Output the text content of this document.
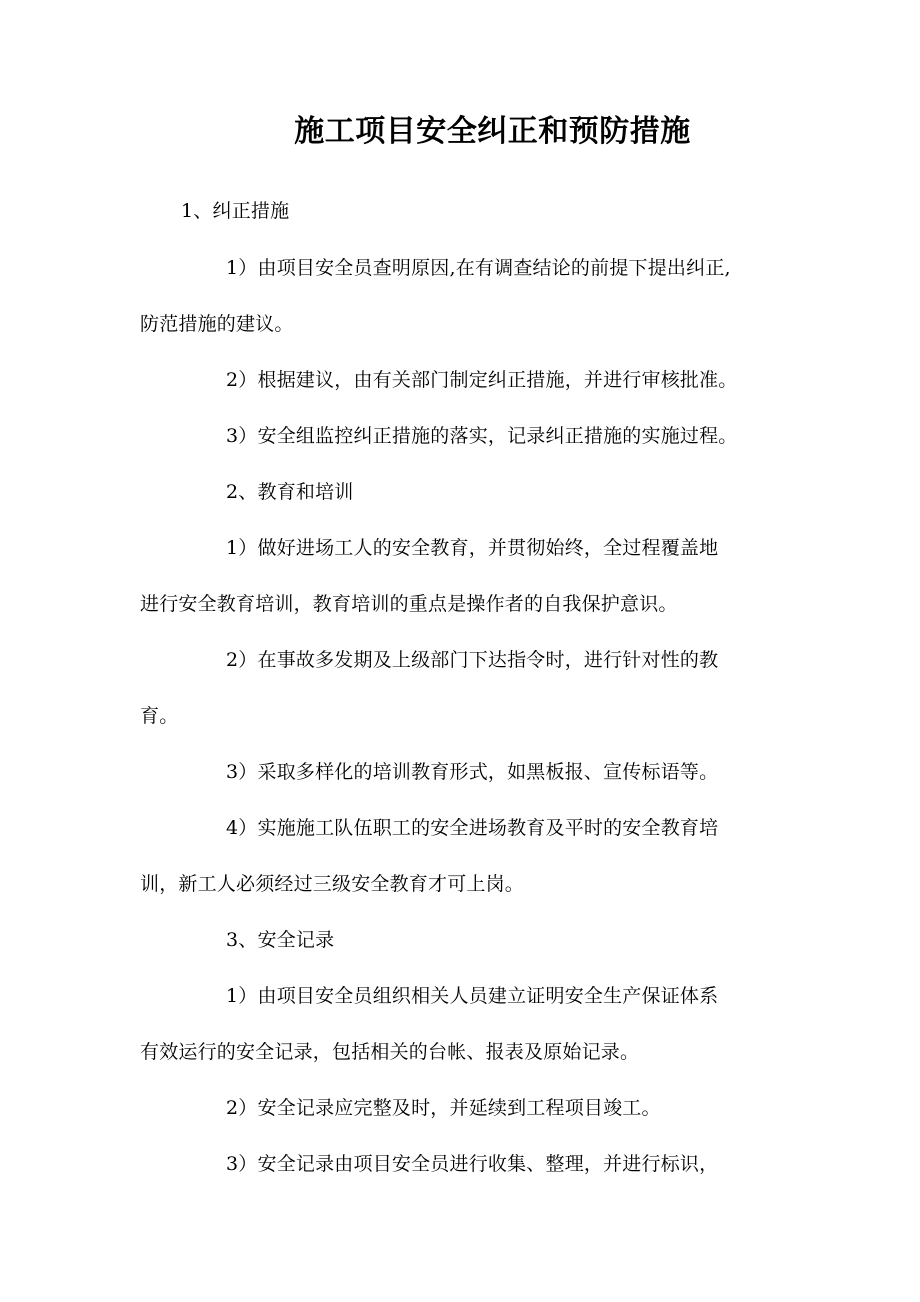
施工项目安全纠正和预防措施
1、纠正措施
1）由项目安全员查明原因,在有调查结论的前提下提出纠正,
防范措施的建议。
2）根据建议，由有关部门制定纠正措施，并进行审核批准。
3）安全组监控纠正措施的落实，记录纠正措施的实施过程。
2、教育和培训
1）做好进场工人的安全教育，并贯彻始终，全过程覆盖地
进行安全教育培训，教育培训的重点是操作者的自我保护意识。
2）在事故多发期及上级部门下达指令时，进行针对性的教
育。
3）采取多样化的培训教育形式，如黑板报、宣传标语等。
4）实施施工队伍职工的安全进场教育及平时的安全教育培
训，新工人必须经过三级安全教育才可上岗。
3、安全记录
1）由项目安全员组织相关人员建立证明安全生产保证体系
有效运行的安全记录，包括相关的台帐、报表及原始记录。
2）安全记录应完整及时，并延续到工程项目竣工。
3）安全记录由项目安全员进行收集、整理，并进行标识，
